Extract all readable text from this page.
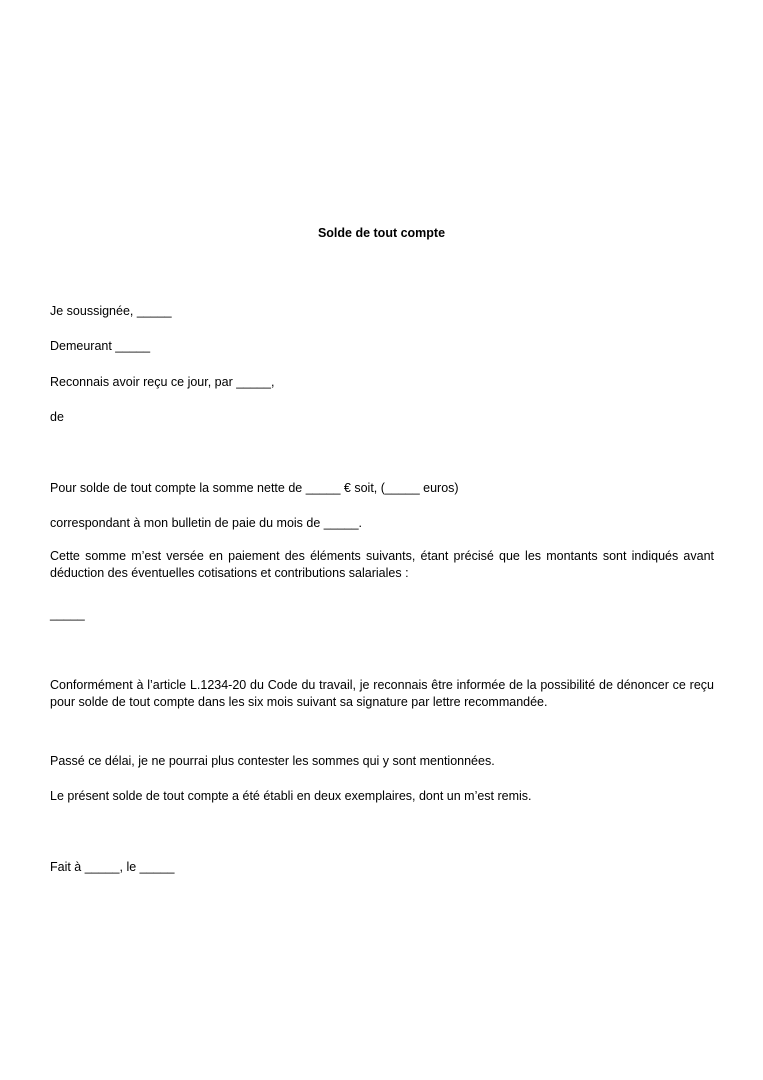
Solde de tout compte

Je soussignée, _____

Demeurant _____

Reconnais avoir reçu ce jour, par _____,

de

Pour solde de tout compte la somme nette de _____ € soit, (_____ euros)

correspondant à mon bulletin de paie du mois de _____.

Cette somme m’est versée en paiement des éléments suivants, étant précisé que les montants sont indiqués avant déduction des éventuelles cotisations et contributions salariales :

_____

Conformément à l’article L.1234-20 du Code du travail, je reconnais être informée de la possibilité de dénoncer ce reçu pour solde de tout compte dans les six mois suivant sa signature par lettre recommandée.

Passé ce délai, je ne pourrai plus contester les sommes qui y sont mentionnées.

Le présent solde de tout compte a été établi en deux exemplaires, dont un m’est remis.

Fait à _____, le _____
